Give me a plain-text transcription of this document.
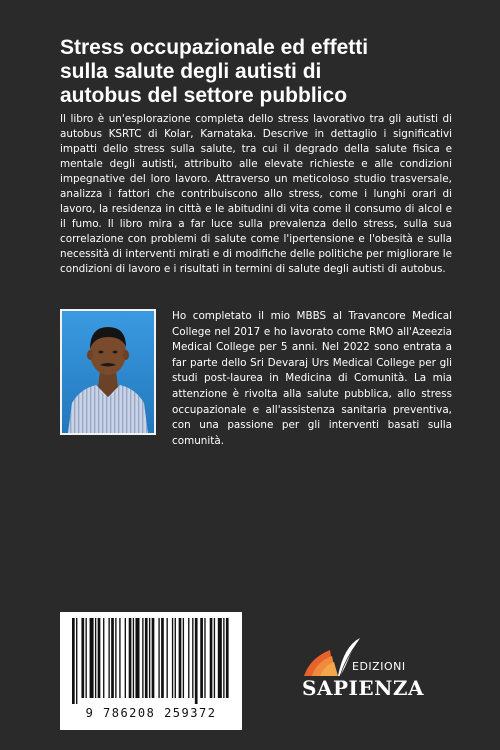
Stress occupazionale ed effetti
sulla salute degli autisti di
autobus del settore pubblico

Il libro è un'esplorazione completa dello stress lavorativo tra gli autisti di autobus KSRTC di Kolar, Karnataka. Descrive in dettaglio i significativi impatti dello stress sulla salute, tra cui il degrado della salute fisica e mentale degli autisti, attribuito alle elevate richieste e alle condizioni impegnative del loro lavoro. Attraverso un meticoloso studio trasversale, analizza i fattori che contribuiscono allo stress, come i lunghi orari di lavoro, la residenza in città e le abitudini di vita come il consumo di alcol e il fumo. Il libro mira a far luce sulla prevalenza dello stress, sulla sua correlazione con problemi di salute come l'ipertensione e l'obesità e sulla necessità di interventi mirati e di modifiche delle politiche per migliorare le condizioni di lavoro e i risultati in termini di salute degli autisti di autobus.

Ho completato il mio MBBS al Travancore Medical College nel 2017 e ho lavorato come RMO all'Azeezia Medical College per 5 anni. Nel 2022 sono entrata a far parte dello Sri Devaraj Urs Medical College per gli studi post-laurea in Medicina di Comunità. La mia attenzione è rivolta alla salute pubblica, allo stress occupazionale e all'assistenza sanitaria preventiva, con una passione per gli interventi basati sulla comunità.

9 786208 259372
EDIZIONI
SAPIENZA
